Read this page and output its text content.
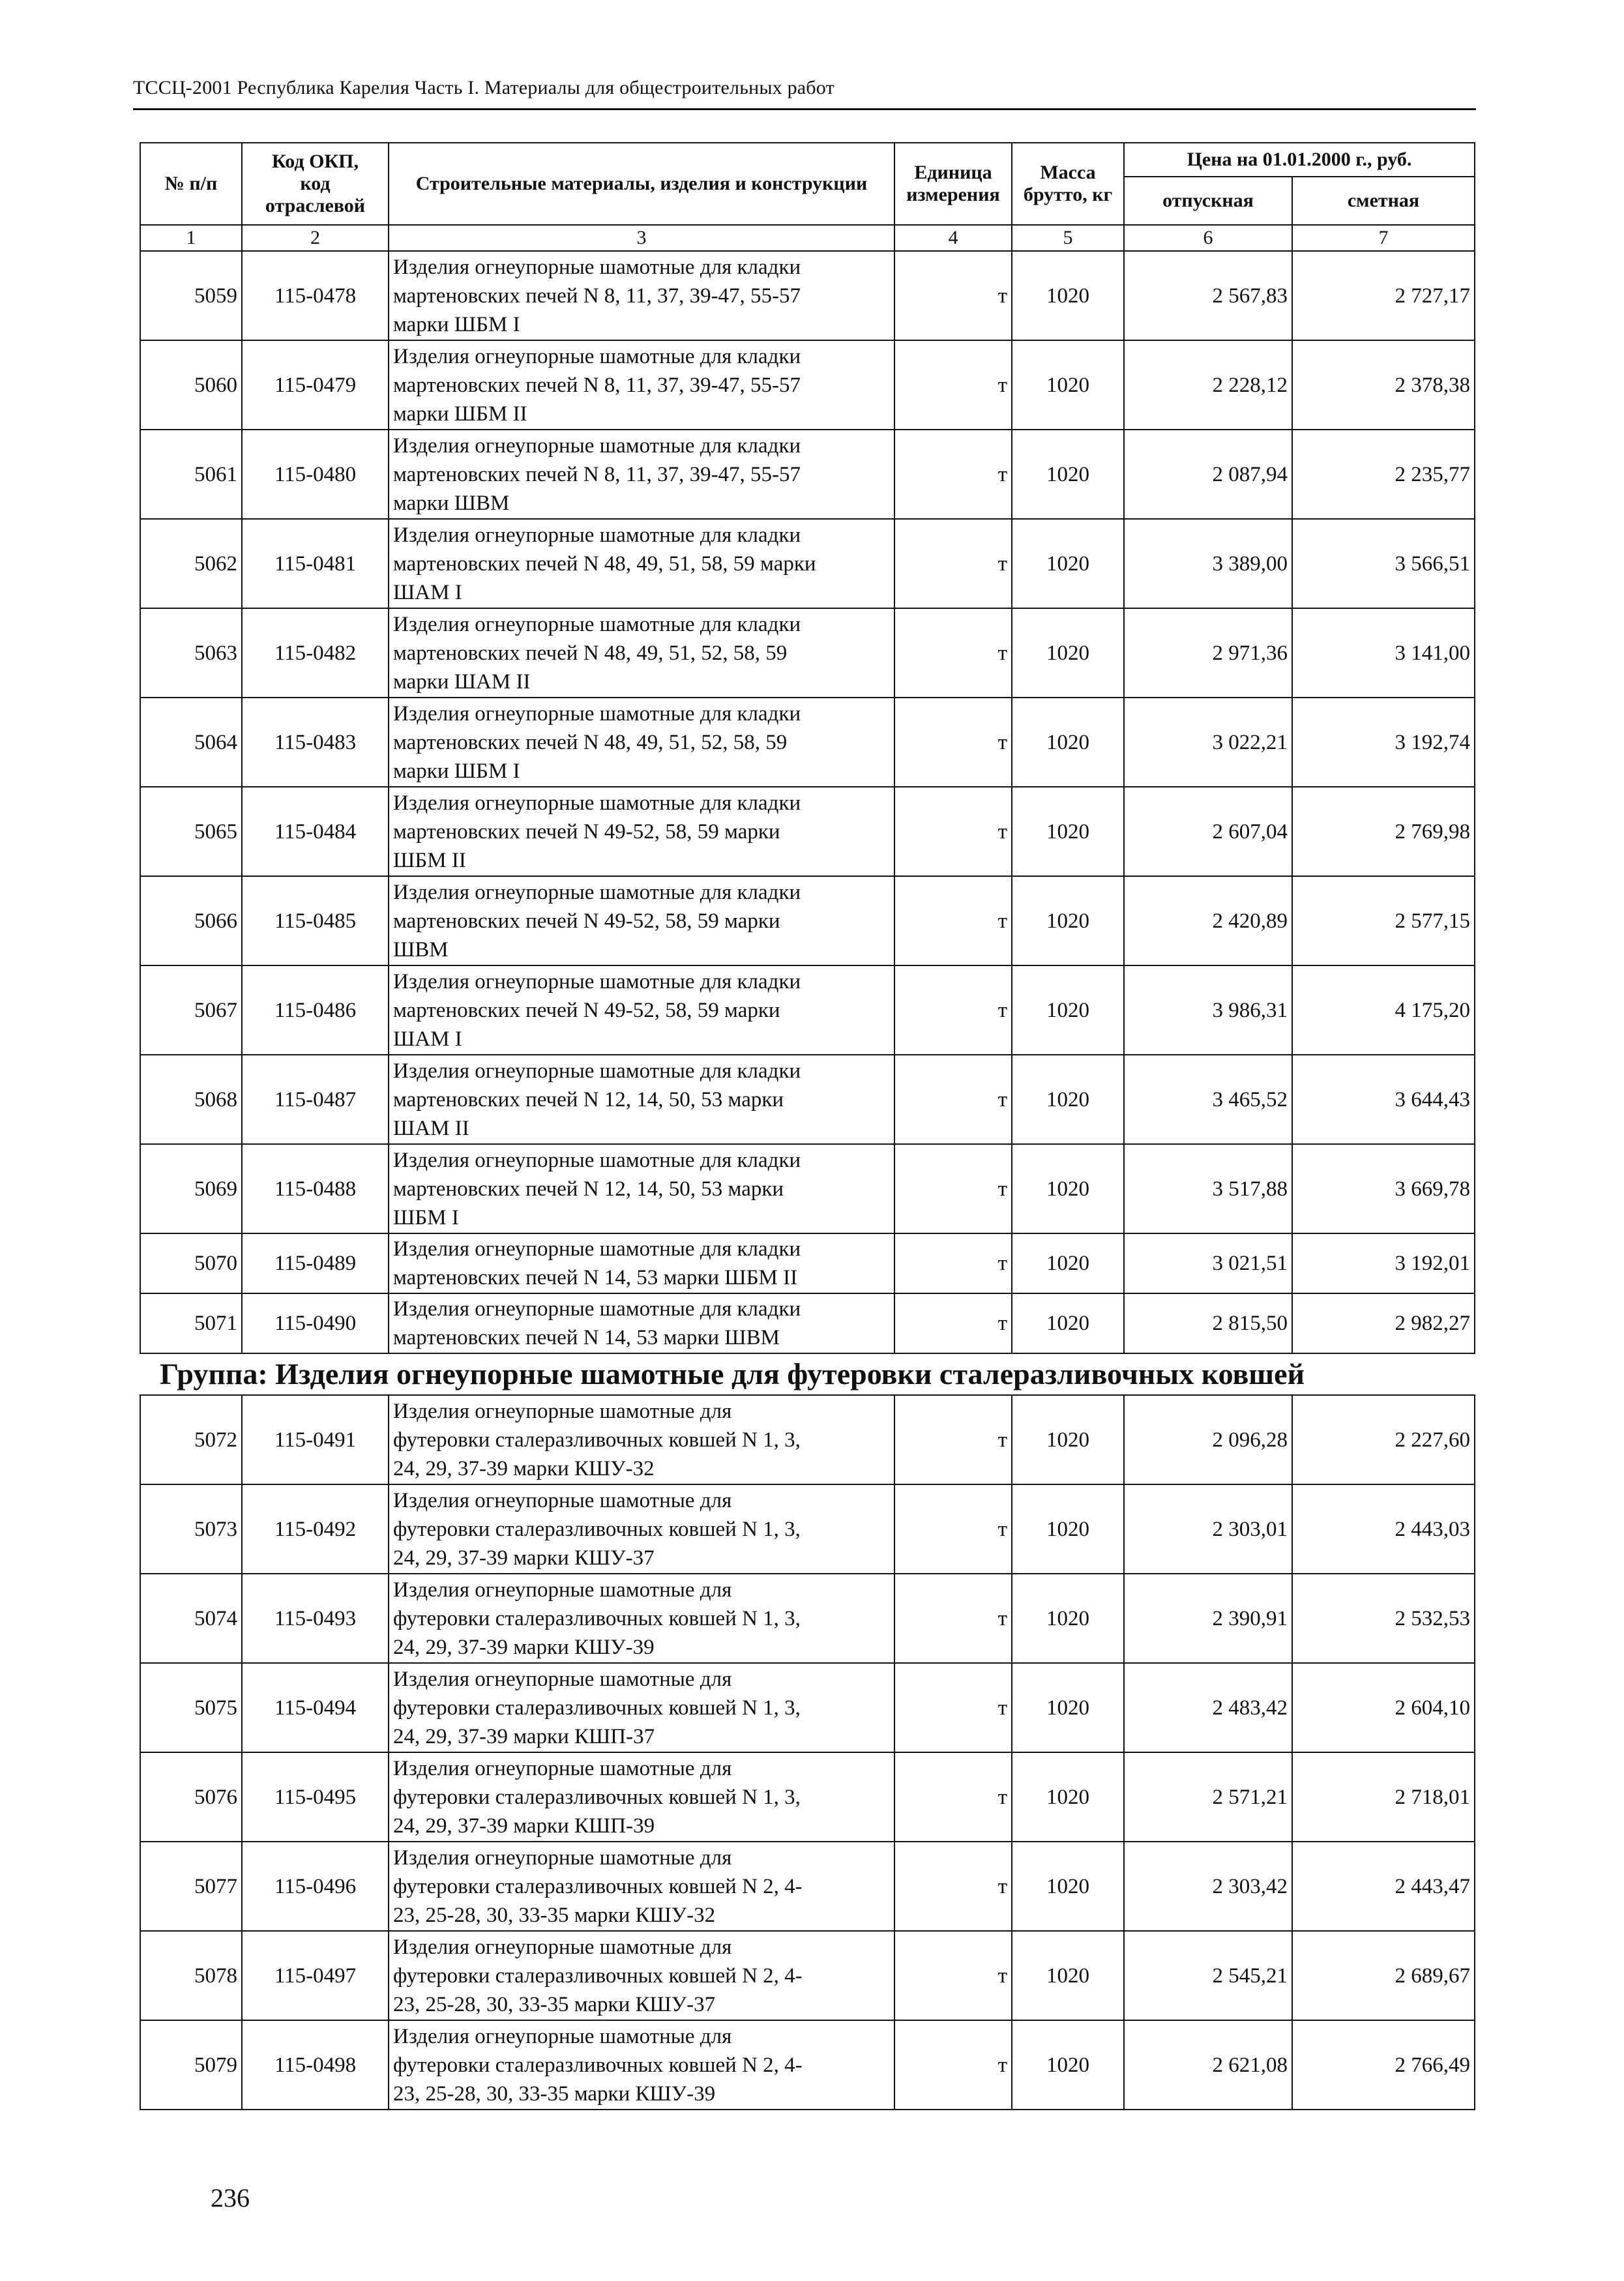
ТССЦ-2001 Республика Карелия Часть I. Материалы для общестроительных работ
№ п/п	Код ОКП,
код
отраслевой	Строительные материалы, изделия и конструкции	Единица измерения	Масса брутто, кг	Цена на 01.01.2000 г., руб.	
					отпускная	сметная
1	2	3	4	5	6	7
5059	115-0478	Изделия огнеупорные шамотные для кладки
мартеновских печей N 8, 11, 37, 39-47, 55-57
марки ШБМ I	т	1020	2 567,83	2 727,17
5060	115-0479	Изделия огнеупорные шамотные для кладки
мартеновских печей N 8, 11, 37, 39-47, 55-57
марки ШБМ II	т	1020	2 228,12	2 378,38
5061	115-0480	Изделия огнеупорные шамотные для кладки
мартеновских печей N 8, 11, 37, 39-47, 55-57
марки ШВМ	т	1020	2 087,94	2 235,77
5062	115-0481	Изделия огнеупорные шамотные для кладки
мартеновских печей N 48, 49, 51, 58, 59 марки
ШАМ I	т	1020	3 389,00	3 566,51
5063	115-0482	Изделия огнеупорные шамотные для кладки
мартеновских печей N 48, 49, 51, 52, 58, 59
марки ШАМ II	т	1020	2 971,36	3 141,00
5064	115-0483	Изделия огнеупорные шамотные для кладки
мартеновских печей N 48, 49, 51, 52, 58, 59
марки ШБМ I	т	1020	3 022,21	3 192,74
5065	115-0484	Изделия огнеупорные шамотные для кладки
мартеновских печей N 49-52, 58, 59 марки
ШБМ II	т	1020	2 607,04	2 769,98
5066	115-0485	Изделия огнеупорные шамотные для кладки
мартеновских печей N 49-52, 58, 59 марки
ШВМ	т	1020	2 420,89	2 577,15
5067	115-0486	Изделия огнеупорные шамотные для кладки
мартеновских печей N 49-52, 58, 59 марки
ШАМ I	т	1020	3 986,31	4 175,20
5068	115-0487	Изделия огнеупорные шамотные для кладки
мартеновских печей N 12, 14, 50, 53 марки
ШАМ II	т	1020	3 465,52	3 644,43
5069	115-0488	Изделия огнеупорные шамотные для кладки
мартеновских печей N 12, 14, 50, 53 марки
ШБМ I	т	1020	3 517,88	3 669,78
5070	115-0489	Изделия огнеупорные шамотные для кладки
мартеновских печей N 14, 53 марки ШБМ II	т	1020	3 021,51	3 192,01
5071	115-0490	Изделия огнеупорные шамотные для кладки
мартеновских печей N 14, 53 марки ШВМ	т	1020	2 815,50	2 982,27
Группа: Изделия огнеупорные шамотные для футеровки сталеразливочных ковшей						
5072	115-0491	Изделия огнеупорные шамотные для
футеровки сталеразливочных ковшей N 1, 3,
24, 29, 37-39 марки КШУ-32	т	1020	2 096,28	2 227,60
5073	115-0492	Изделия огнеупорные шамотные для
футеровки сталеразливочных ковшей N 1, 3,
24, 29, 37-39 марки КШУ-37	т	1020	2 303,01	2 443,03
5074	115-0493	Изделия огнеупорные шамотные для
футеровки сталеразливочных ковшей N 1, 3,
24, 29, 37-39 марки КШУ-39	т	1020	2 390,91	2 532,53
5075	115-0494	Изделия огнеупорные шамотные для
футеровки сталеразливочных ковшей N 1, 3,
24, 29, 37-39 марки КШП-37	т	1020	2 483,42	2 604,10
5076	115-0495	Изделия огнеупорные шамотные для
футеровки сталеразливочных ковшей N 1, 3,
24, 29, 37-39 марки КШП-39	т	1020	2 571,21	2 718,01
5077	115-0496	Изделия огнеупорные шамотные для
футеровки сталеразливочных ковшей N 2, 4-
23, 25-28, 30, 33-35 марки КШУ-32	т	1020	2 303,42	2 443,47
5078	115-0497	Изделия огнеупорные шамотные для
футеровки сталеразливочных ковшей N 2, 4-
23, 25-28, 30, 33-35 марки КШУ-37	т	1020	2 545,21	2 689,67
5079	115-0498	Изделия огнеупорные шамотные для
футеровки сталеразливочных ковшей N 2, 4-
23, 25-28, 30, 33-35 марки КШУ-39	т	1020	2 621,08	2 766,49
236
